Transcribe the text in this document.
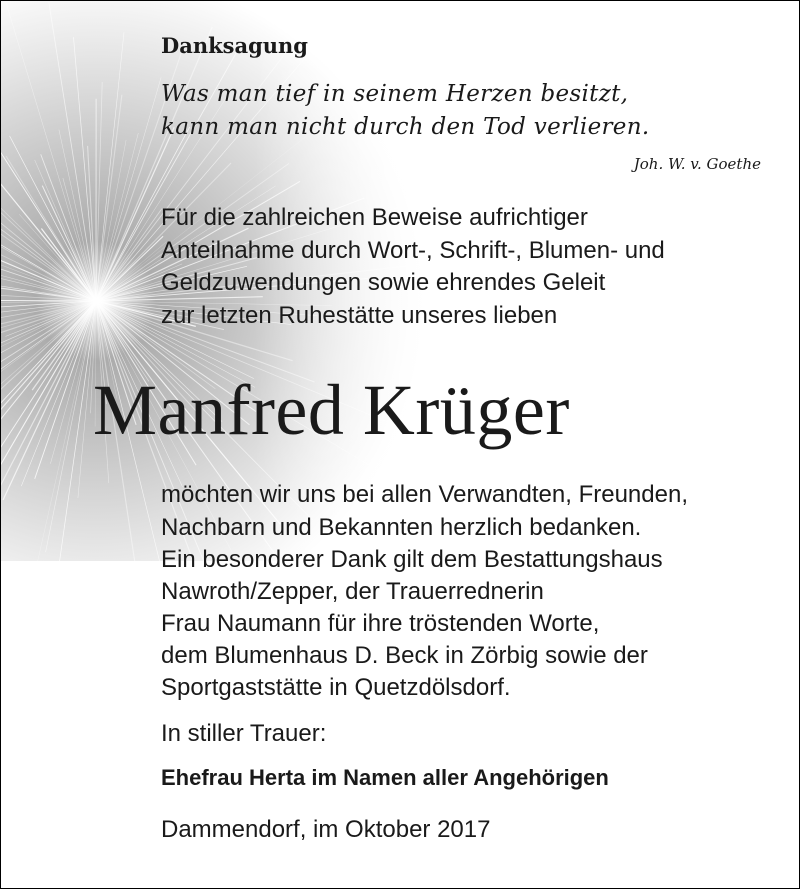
Danksagung
Was man tief in seinem Herzen besitzt,
kann man nicht durch den Tod verlieren.
Joh. W. v. Goethe
Für die zahlreichen Beweise aufrichtiger
Anteilnahme durch Wort-, Schrift-, Blumen- und
Geldzuwendungen sowie ehrendes Geleit
zur letzten Ruhestätte unseres lieben
Manfred Krüger
möchten wir uns bei allen Verwandten, Freunden,
Nachbarn und Bekannten herzlich bedanken.
Ein besonderer Dank gilt dem Bestattungshaus
Nawroth/Zepper, der Trauerrednerin
Frau Naumann für ihre tröstenden Worte,
dem Blumenhaus D. Beck in Zörbig sowie der
Sportgaststätte in Quetzdölsdorf.
In stiller Trauer:
Ehefrau Herta im Namen aller Angehörigen
Dammendorf, im Oktober 2017
